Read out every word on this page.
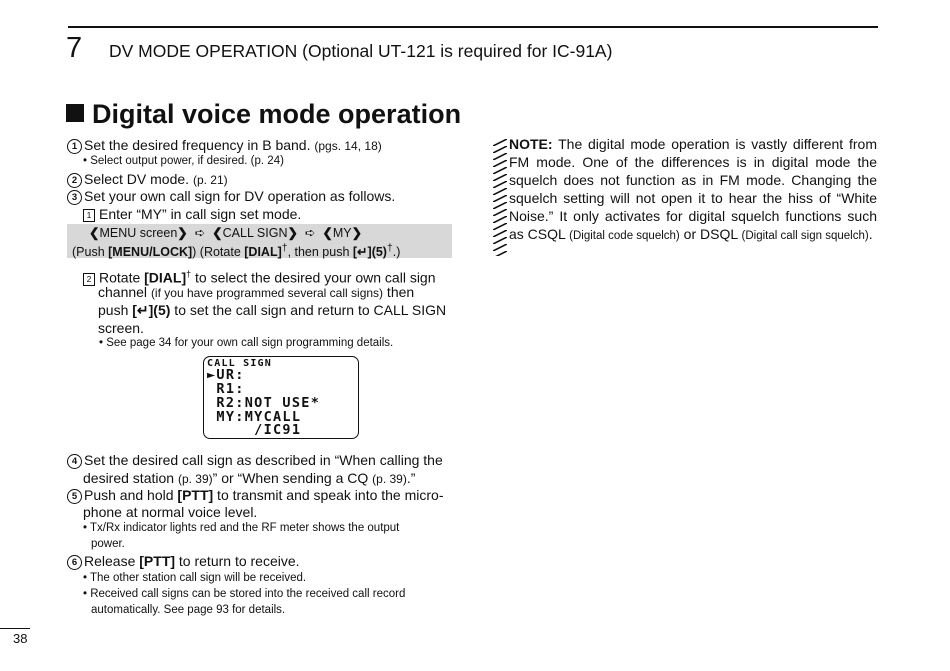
7 DV MODE OPERATION (Optional UT-121 is required for IC-91A)
Digital voice mode operation
1 Set the desired frequency in B band. (pgs. 14, 18)
• Select output power, if desired. (p. 24)
2 Select DV mode. (p. 21)
3 Set your own call sign for DV operation as follows.
1 Enter “MY” in call sign set mode.
❮MENU screen❯ ➪ ❮CALL SIGN❯ ➪ ❮MY❯
(Push [MENU/LOCK]) (Rotate [DIAL]†, then push [↵](5)†.)
2 Rotate [DIAL]† to select the desired your own call sign
channel (if you have programmed several call signs) then
push [↵](5) to set the call sign and return to CALL SIGN
screen.
• See page 34 for your own call sign programming details.
CALL SIGN
►UR:
R1:
R2:NOT USE*
MY:MYCALL
/IC91
4 Set the desired call sign as described in “When calling the
desired station (p. 39)” or “When sending a CQ (p. 39).”
5 Push and hold [PTT] to transmit and speak into the micro-
phone at normal voice level.
• Tx/Rx indicator lights red and the RF meter shows the output
power.
6 Release [PTT] to return to receive.
• The other station call sign will be received.
• Received call signs can be stored into the received call record
automatically. See page 93 for details.
NOTE: The digital mode operation is vastly different from FM mode. One of the differences is in digital mode the squelch does not function as in FM mode. Changing the squelch setting will not open it to hear the hiss of “White Noise.” It only activates for digital squelch functions such as CSQL (Digital code squelch) or DSQL (Digital call sign squelch).
38
